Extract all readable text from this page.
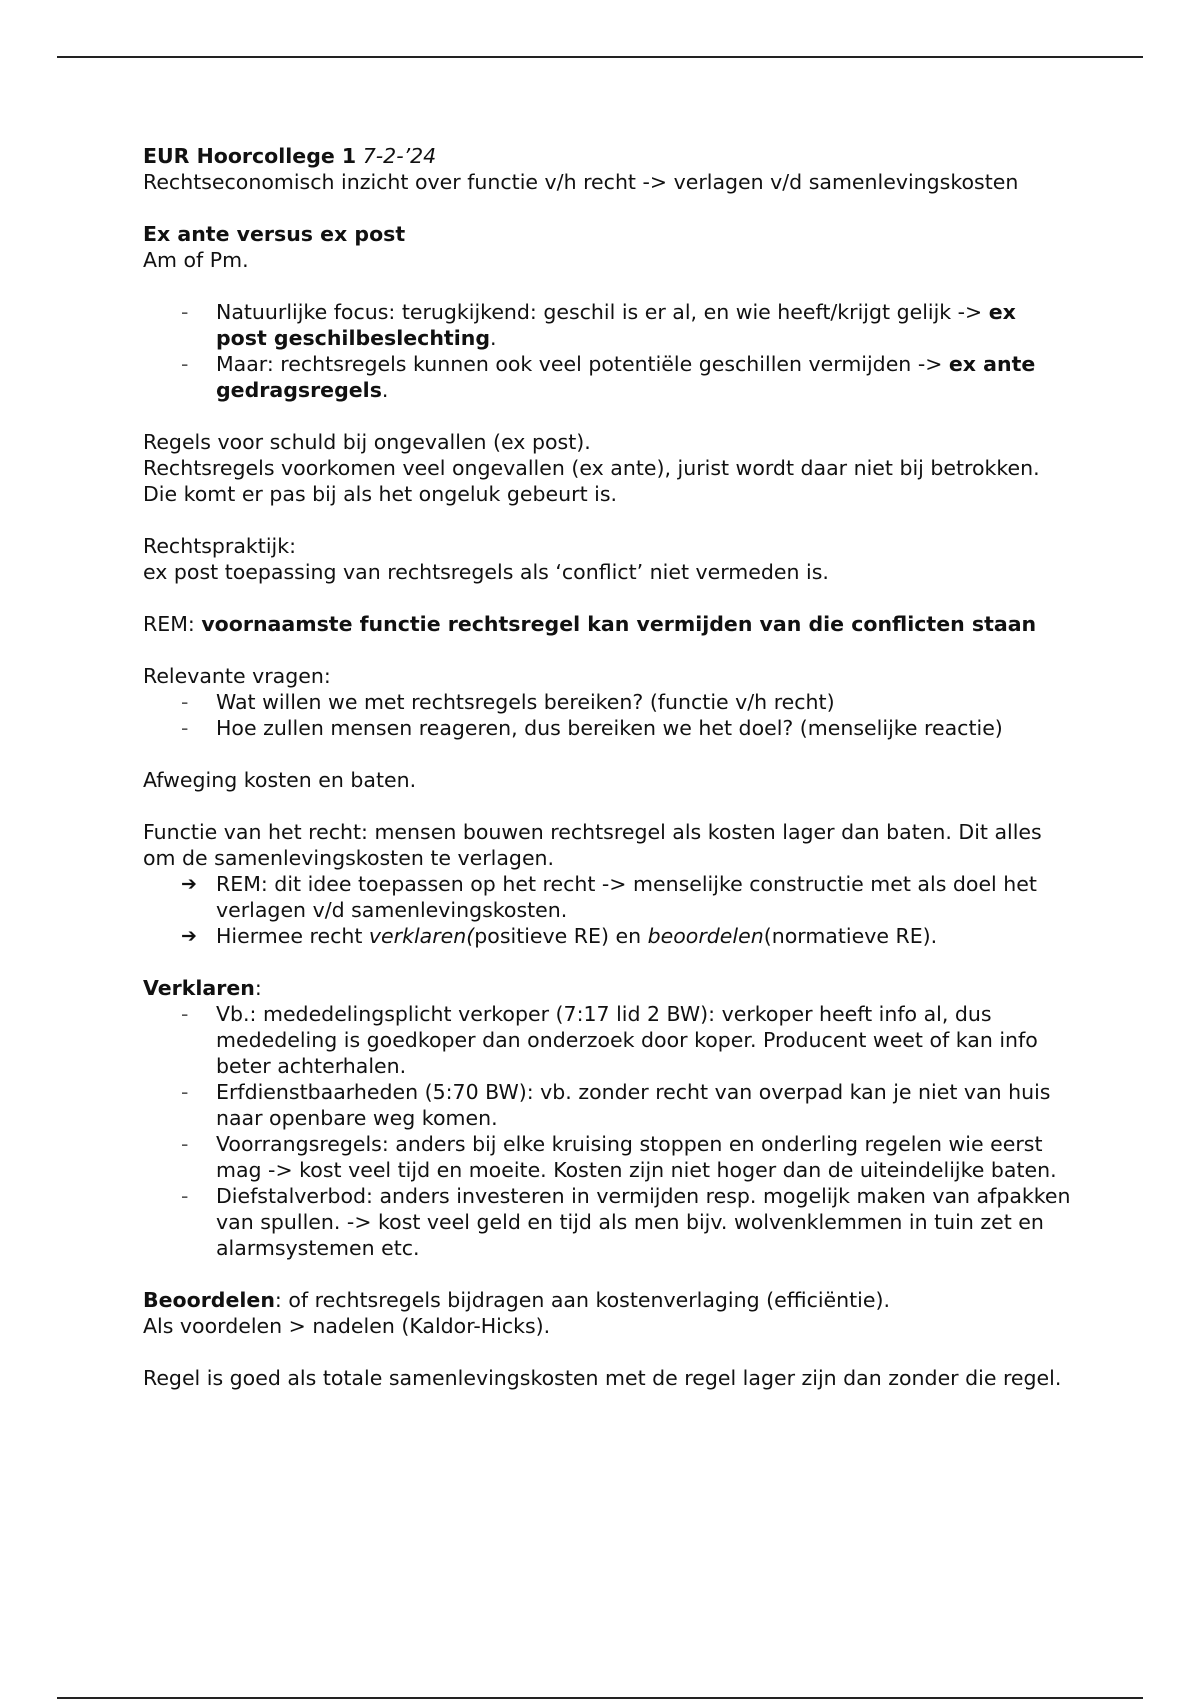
EUR Hoorcollege 1 7-2-’24

Rechtseconomisch inzicht over functie v/h recht -> verlagen v/d samenlevingskosten

Ex ante versus ex post

Am of Pm.

-	Natuurlijke focus: terugkijkend: geschil is er al, en wie heeft/krijgt gelijk -> ex post geschilbeslechting.
-	Maar: rechtsregels kunnen ook veel potentiële geschillen vermijden -> ex ante gedragsregels.

Regels voor schuld bij ongevallen (ex post).

Rechtsregels voorkomen veel ongevallen (ex ante), jurist wordt daar niet bij betrokken. Die komt er pas bij als het ongeluk gebeurt is.

Rechtspraktijk:

ex post toepassing van rechtsregels als ‘conflict’ niet vermeden is.

REM: voornaamste functie rechtsregel kan vermijden van die conflicten staan

Relevante vragen:

-	Wat willen we met rechtsregels bereiken? (functie v/h recht)
-	Hoe zullen mensen reageren, dus bereiken we het doel? (menselijke reactie)

Afweging kosten en baten.

Functie van het recht: mensen bouwen rechtsregel als kosten lager dan baten. Dit alles om de samenlevingskosten te verlagen.

➔ REM: dit idee toepassen op het recht -> menselijke constructie met als doel het verlagen v/d samenlevingskosten.
➔ Hiermee recht verklaren(positieve RE) en beoordelen(normatieve RE).

Verklaren:

-	Vb.: mededelingsplicht verkoper (7:17 lid 2 BW): verkoper heeft info al, dus mededeling is goedkoper dan onderzoek door koper. Producent weet of kan info beter achterhalen.
-	Erfdienstbaarheden (5:70 BW): vb. zonder recht van overpad kan je niet van huis naar openbare weg komen.
-	Voorrangsregels: anders bij elke kruising stoppen en onderling regelen wie eerst mag -> kost veel tijd en moeite. Kosten zijn niet hoger dan de uiteindelijke baten.
-	Diefstalverbod: anders investeren in vermijden resp. mogelijk maken van afpakken van spullen. -> kost veel geld en tijd als men bijv. wolvenklemmen in tuin zet en alarmsystemen etc.

Beoordelen: of rechtsregels bijdragen aan kostenverlaging (efficiëntie).

Als voordelen > nadelen (Kaldor-Hicks).

Regel is goed als totale samenlevingskosten met de regel lager zijn dan zonder die regel.
